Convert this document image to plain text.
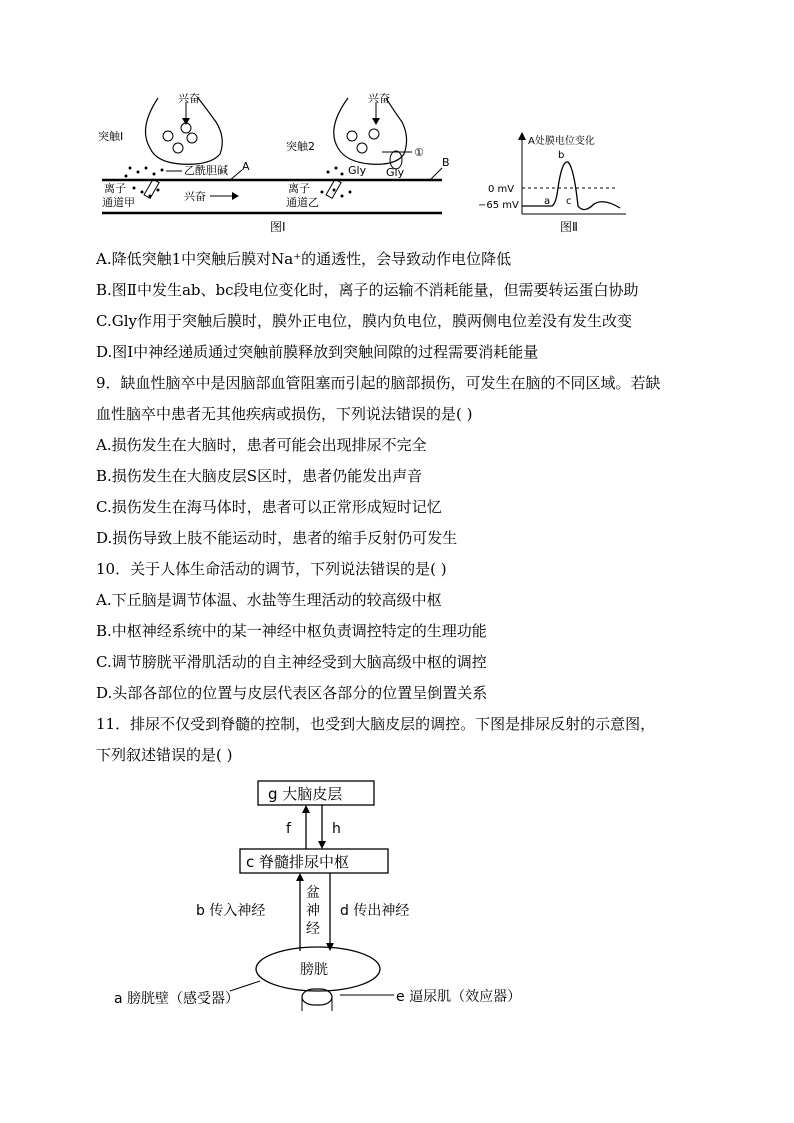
兴奋
突触Ⅰ
乙酰胆碱 A
离子
通道甲	兴奋
兴奋
突触2	①
Gly Gly
离子
通道乙
B
图Ⅰ
A处膜电位变化
0 mV
−65 mV	a
b
c
图Ⅱ
A.降低突触1中突触后膜对Na⁺的通透性，会导致动作电位降低
B.图Ⅱ中发生ab、bc段电位变化时，离子的运输不消耗能量，但需要转运蛋白协助
C.Gly作用于突触后膜时，膜外正电位，膜内负电位，膜两侧电位差没有发生改变
D.图Ⅰ中神经递质通过突触前膜释放到突触间隙的过程需要消耗能量
9．缺血性脑卒中是因脑部血管阻塞而引起的脑部损伤，可发生在脑的不同区域。若缺
血性脑卒中患者无其他疾病或损伤，下列说法错误的是( )
A.损伤发生在大脑时，患者可能会出现排尿不完全
B.损伤发生在大脑皮层S区时，患者仍能发出声音
C.损伤发生在海马体时，患者可以正常形成短时记忆
D.损伤导致上肢不能运动时，患者的缩手反射仍可发生
10．关于人体生命活动的调节，下列说法错误的是( )
A.下丘脑是调节体温、水盐等生理活动的较高级中枢
B.中枢神经系统中的某一神经中枢负责调控特定的生理功能
C.调节膀胱平滑肌活动的自主神经受到大脑高级中枢的调控
D.头部各部位的位置与皮层代表区各部分的位置呈倒置关系
11．排尿不仅受到脊髓的控制，也受到大脑皮层的调控。下图是排尿反射的示意图，
下列叙述错误的是( )
g 大脑皮层
f	h
c 脊髓排尿中枢
b 传入神经
盆
神
经
d 传出神经
膀胱
a 膀胱壁（感受器）	e 逼尿肌（效应器）
